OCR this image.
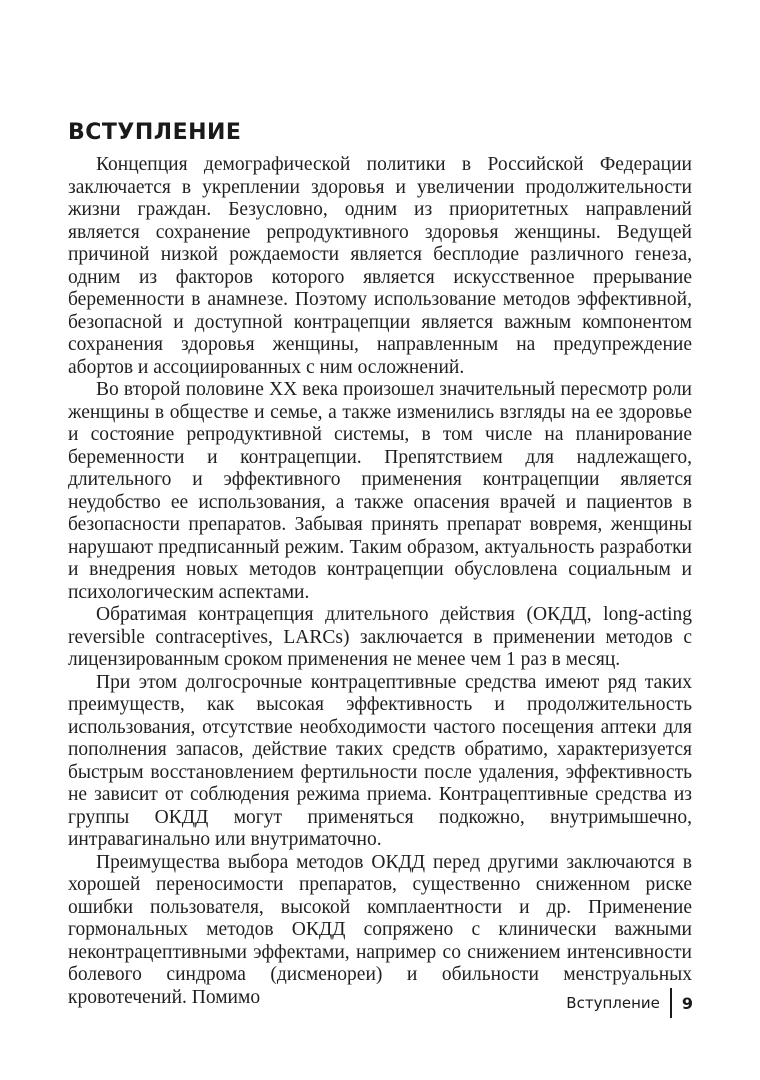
ВСТУПЛЕНИЕ

Концепция демографической политики в Российской Федерации заключается в укреплении здоровья и увеличении продолжительности жизни граждан. Безусловно, одним из приоритетных направлений является сохранение репродуктивного здоровья женщины. Ведущей причиной низкой рождаемости является бесплодие различного генеза, одним из факторов которого является искусственное прерывание беременности в анамнезе. Поэтому использование методов эффективной, безопасной и доступной контрацепции является важным компонентом сохранения здоровья женщины, направленным на предупреждение абортов и ассоциированных с ним осложнений.

Во второй половине XX века произошел значительный пересмотр роли женщины в обществе и семье, а также изменились взгляды на ее здоровье и состояние репродуктивной системы, в том числе на планирование беременности и контрацепции. Препятствием для надлежащего, длительного и эффективного применения контрацепции является неудобство ее использования, а также опасения врачей и пациентов в безопасности препаратов. Забывая принять препарат вовремя, женщины нарушают предписанный режим. Таким образом, актуальность разработки и внедрения новых методов контрацепции обусловлена социальным и психологическим аспектами.

Обратимая контрацепция длительного действия (ОКДД, long-acting reversible contraceptives, LARCs) заключается в применении методов с лицензированным сроком применения не менее чем 1 раз в месяц.

При этом долгосрочные контрацептивные средства имеют ряд таких преимуществ, как высокая эффективность и продолжительность использования, отсутствие необходимости частого посещения аптеки для пополнения запасов, действие таких средств обратимо, характеризуется быстрым восстановлением фертильности после удаления, эффективность не зависит от соблюдения режима приема. Контрацептивные средства из группы ОКДД могут применяться подкожно, внутримышечно, интравагинально или внутриматочно.

Преимущества выбора методов ОКДД перед другими заключаются в хорошей переносимости препаратов, существенно сниженном риске ошибки пользователя, высокой комплаентности и др. Применение гормональных методов ОКДД сопряжено с клинически важными неконтрацептивными эффектами, например со снижением интенсивности болевого синдрома (дисменореи) и обильности менструальных кровотечений. Помимо	Вступление	9
